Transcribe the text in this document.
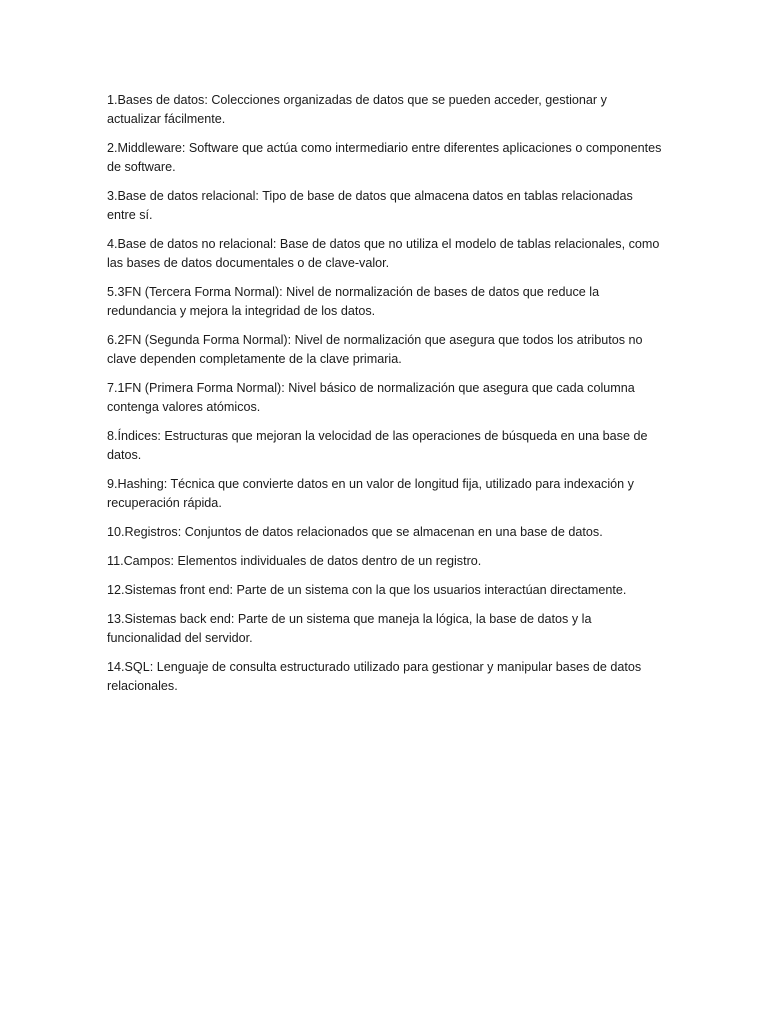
1.Bases de datos: Colecciones organizadas de datos que se pueden acceder, gestionar y actualizar fácilmente.

2.Middleware: Software que actúa como intermediario entre diferentes aplicaciones o componentes de software.

3.Base de datos relacional: Tipo de base de datos que almacena datos en tablas relacionadas entre sí.

4.Base de datos no relacional: Base de datos que no utiliza el modelo de tablas relacionales, como las bases de datos documentales o de clave-valor.

5.3FN (Tercera Forma Normal): Nivel de normalización de bases de datos que reduce la redundancia y mejora la integridad de los datos.

6.2FN (Segunda Forma Normal): Nivel de normalización que asegura que todos los atributos no clave dependen completamente de la clave primaria.

7.1FN (Primera Forma Normal): Nivel básico de normalización que asegura que cada columna contenga valores atómicos.

8.Índices: Estructuras que mejoran la velocidad de las operaciones de búsqueda en una base de datos.

9.Hashing: Técnica que convierte datos en un valor de longitud fija, utilizado para indexación y recuperación rápida.

10.Registros: Conjuntos de datos relacionados que se almacenan en una base de datos.

11.Campos: Elementos individuales de datos dentro de un registro.

12.Sistemas front end: Parte de un sistema con la que los usuarios interactúan directamente.

13.Sistemas back end: Parte de un sistema que maneja la lógica, la base de datos y la funcionalidad del servidor.

14.SQL: Lenguaje de consulta estructurado utilizado para gestionar y manipular bases de datos relacionales.
